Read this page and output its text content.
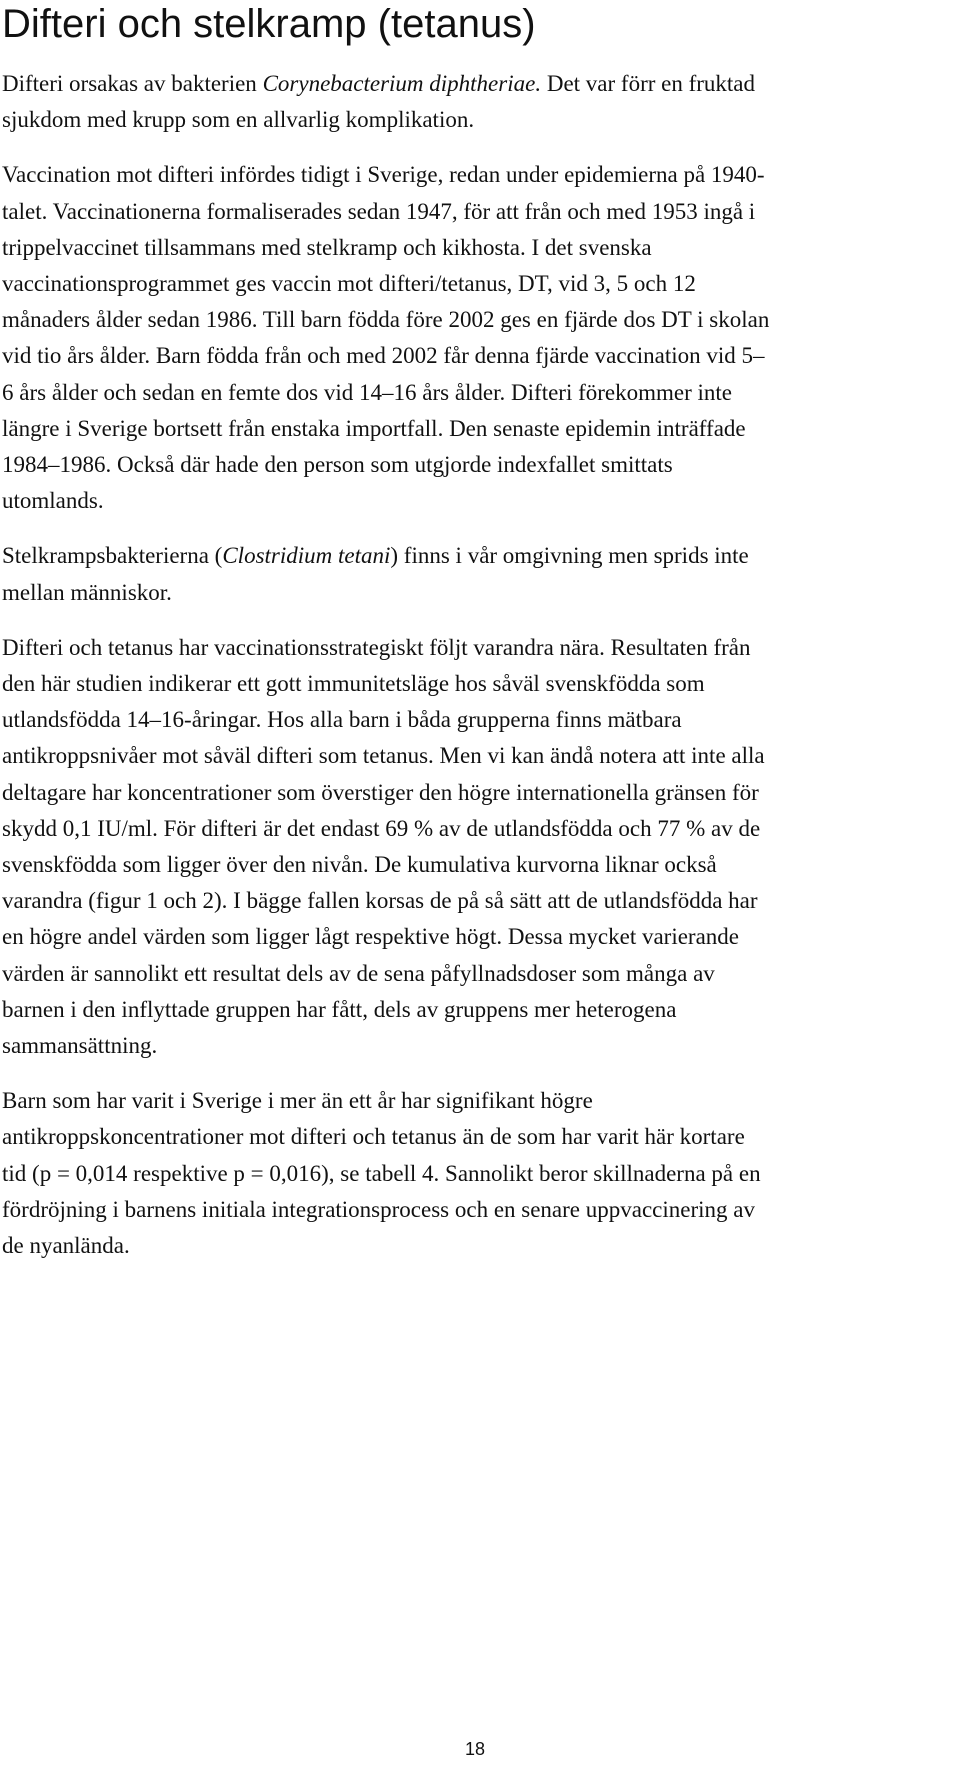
Difteri och stelkramp (tetanus)

Difteri orsakas av bakterien Corynebacterium diphtheriae. Det var förr en fruktad
sjukdom med krupp som en allvarlig komplikation.

Vaccination mot difteri infördes tidigt i Sverige, redan under epidemierna på 1940-
talet. Vaccinationerna formaliserades sedan 1947, för att från och med 1953 ingå i
trippelvaccinet tillsammans med stelkramp och kikhosta. I det svenska
vaccinationsprogrammet ges vaccin mot difteri/tetanus, DT, vid 3, 5 och 12
månaders ålder sedan 1986. Till barn födda före 2002 ges en fjärde dos DT i skolan
vid tio års ålder. Barn födda från och med 2002 får denna fjärde vaccination vid 5–
6 års ålder och sedan en femte dos vid 14–16 års ålder. Difteri förekommer inte
längre i Sverige bortsett från enstaka importfall. Den senaste epidemin inträffade
1984–1986. Också där hade den person som utgjorde indexfallet smittats
utomlands.

Stelkrampsbakterierna (Clostridium tetani) finns i vår omgivning men sprids inte
mellan människor.

Difteri och tetanus har vaccinationsstrategiskt följt varandra nära. Resultaten från
den här studien indikerar ett gott immunitetsläge hos såväl svenskfödda som
utlandsfödda 14–16-åringar. Hos alla barn i båda grupperna finns mätbara
antikroppsnivåer mot såväl difteri som tetanus. Men vi kan ändå notera att inte alla
deltagare har koncentrationer som överstiger den högre internationella gränsen för
skydd 0,1 IU/ml. För difteri är det endast 69 % av de utlandsfödda och 77 % av de
svenskfödda som ligger över den nivån. De kumulativa kurvorna liknar också
varandra (figur 1 och 2). I bägge fallen korsas de på så sätt att de utlandsfödda har
en högre andel värden som ligger lågt respektive högt. Dessa mycket varierande
värden är sannolikt ett resultat dels av de sena påfyllnadsdoser som många av
barnen i den inflyttade gruppen har fått, dels av gruppens mer heterogena
sammansättning.

Barn som har varit i Sverige i mer än ett år har signifikant högre
antikroppskoncentrationer mot difteri och tetanus än de som har varit här kortare
tid (p = 0,014 respektive p = 0,016), se tabell 4. Sannolikt beror skillnaderna på en
fördröjning i barnens initiala integrationsprocess och en senare uppvaccinering av
de nyanlända.

18
